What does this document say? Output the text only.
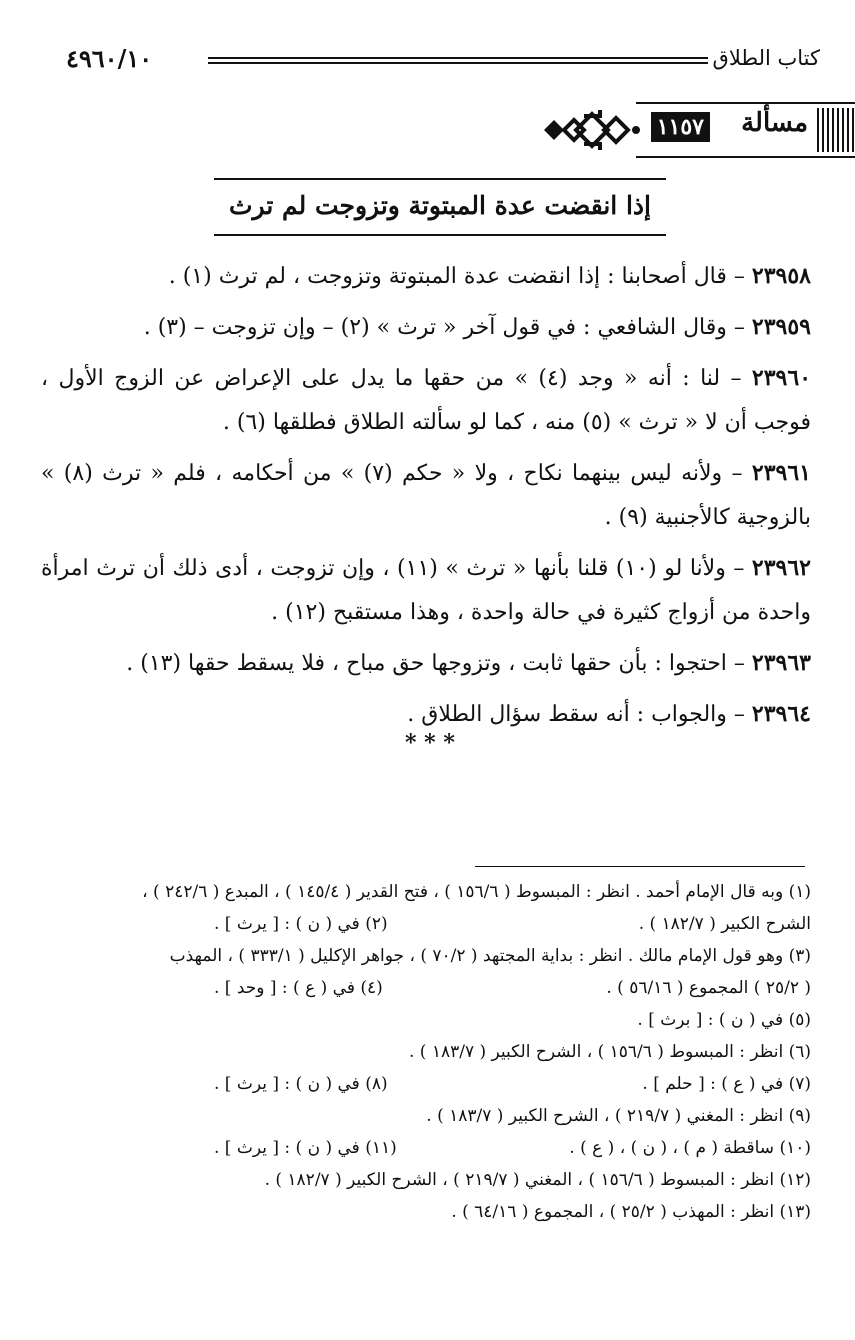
كتاب الطلاق
٤٩٦٠/١٠
مسألة
١١٥٧
إذا انقضت عدة المبتوتة وتزوجت لم ترث

٢٣٩٥٨ – قال أصحابنا : إذا انقضت عدة المبتوتة وتزوجت ، لم ترث (١) .

٢٣٩٥٩ – وقال الشافعي : في قول آخر « ترث » (٢) – وإن تزوجت – (٣) .

٢٣٩٦٠ – لنا : أنه « وجد (٤) » من حقها ما يدل على الإعراض عن الزوج الأول ، فوجب أن لا « ترث » (٥) منه ، كما لو سألته الطلاق فطلقها (٦) .

٢٣٩٦١ – ولأنه ليس بينهما نكاح ، ولا « حكم (٧) » من أحكامه ، فلم « ترث (٨) » بالزوجية كالأجنبية (٩) .

٢٣٩٦٢ – ولأنا لو (١٠) قلنا بأنها « ترث » (١١) ، وإن تزوجت ، أدى ذلك أن ترث امرأة واحدة من أزواج كثيرة في حالة واحدة ، وهذا مستقبح (١٢) .

٢٣٩٦٣ – احتجوا : بأن حقها ثابت ، وتزوجها حق مباح ، فلا يسقط حقها (١٣) .

٢٣٩٦٤ – والجواب : أنه سقط سؤال الطلاق .

* * *
(١) وبه قال الإمام أحمد . انظر : المبسوط ( ١٥٦/٦ ) ، فتح القدير ( ١٤٥/٤ ) ، المبدع ( ٢٤٢/٦ ) ،
الشرح الكبير ( ١٨٢/٧ ) .
(٢) في ( ن ) : [ يرث ] .
(٣) وهو قول الإمام مالك . انظر : بداية المجتهد ( ٧٠/٢ ) ، جواهر الإكليل ( ٣٣٣/١ ) ، المهذب
( ٢٥/٢ ) المجموع ( ٥٦/١٦ ) .
(٤) في ( ع ) : [ وحد ] .
(٥) في ( ن ) : [ برث ] .
(٦) انظر : المبسوط ( ١٥٦/٦ ) ، الشرح الكبير ( ١٨٣/٧ ) .
(٧) في ( ع ) : [ حلم ] .
(٨) في ( ن ) : [ يرث ] .
(٩) انظر : المغني ( ٢١٩/٧ ) ، الشرح الكبير ( ١٨٣/٧ ) .
(١٠) ساقطة ( م ) ، ( ن ) ، ( ع ) .
(١١) في ( ن ) : [ يرث ] .
(١٢) انظر : المبسوط ( ١٥٦/٦ ) ، المغني ( ٢١٩/٧ ) ، الشرح الكبير ( ١٨٢/٧ ) .
(١٣) انظر : المهذب ( ٢٥/٢ ) ، المجموع ( ٦٤/١٦ ) .
